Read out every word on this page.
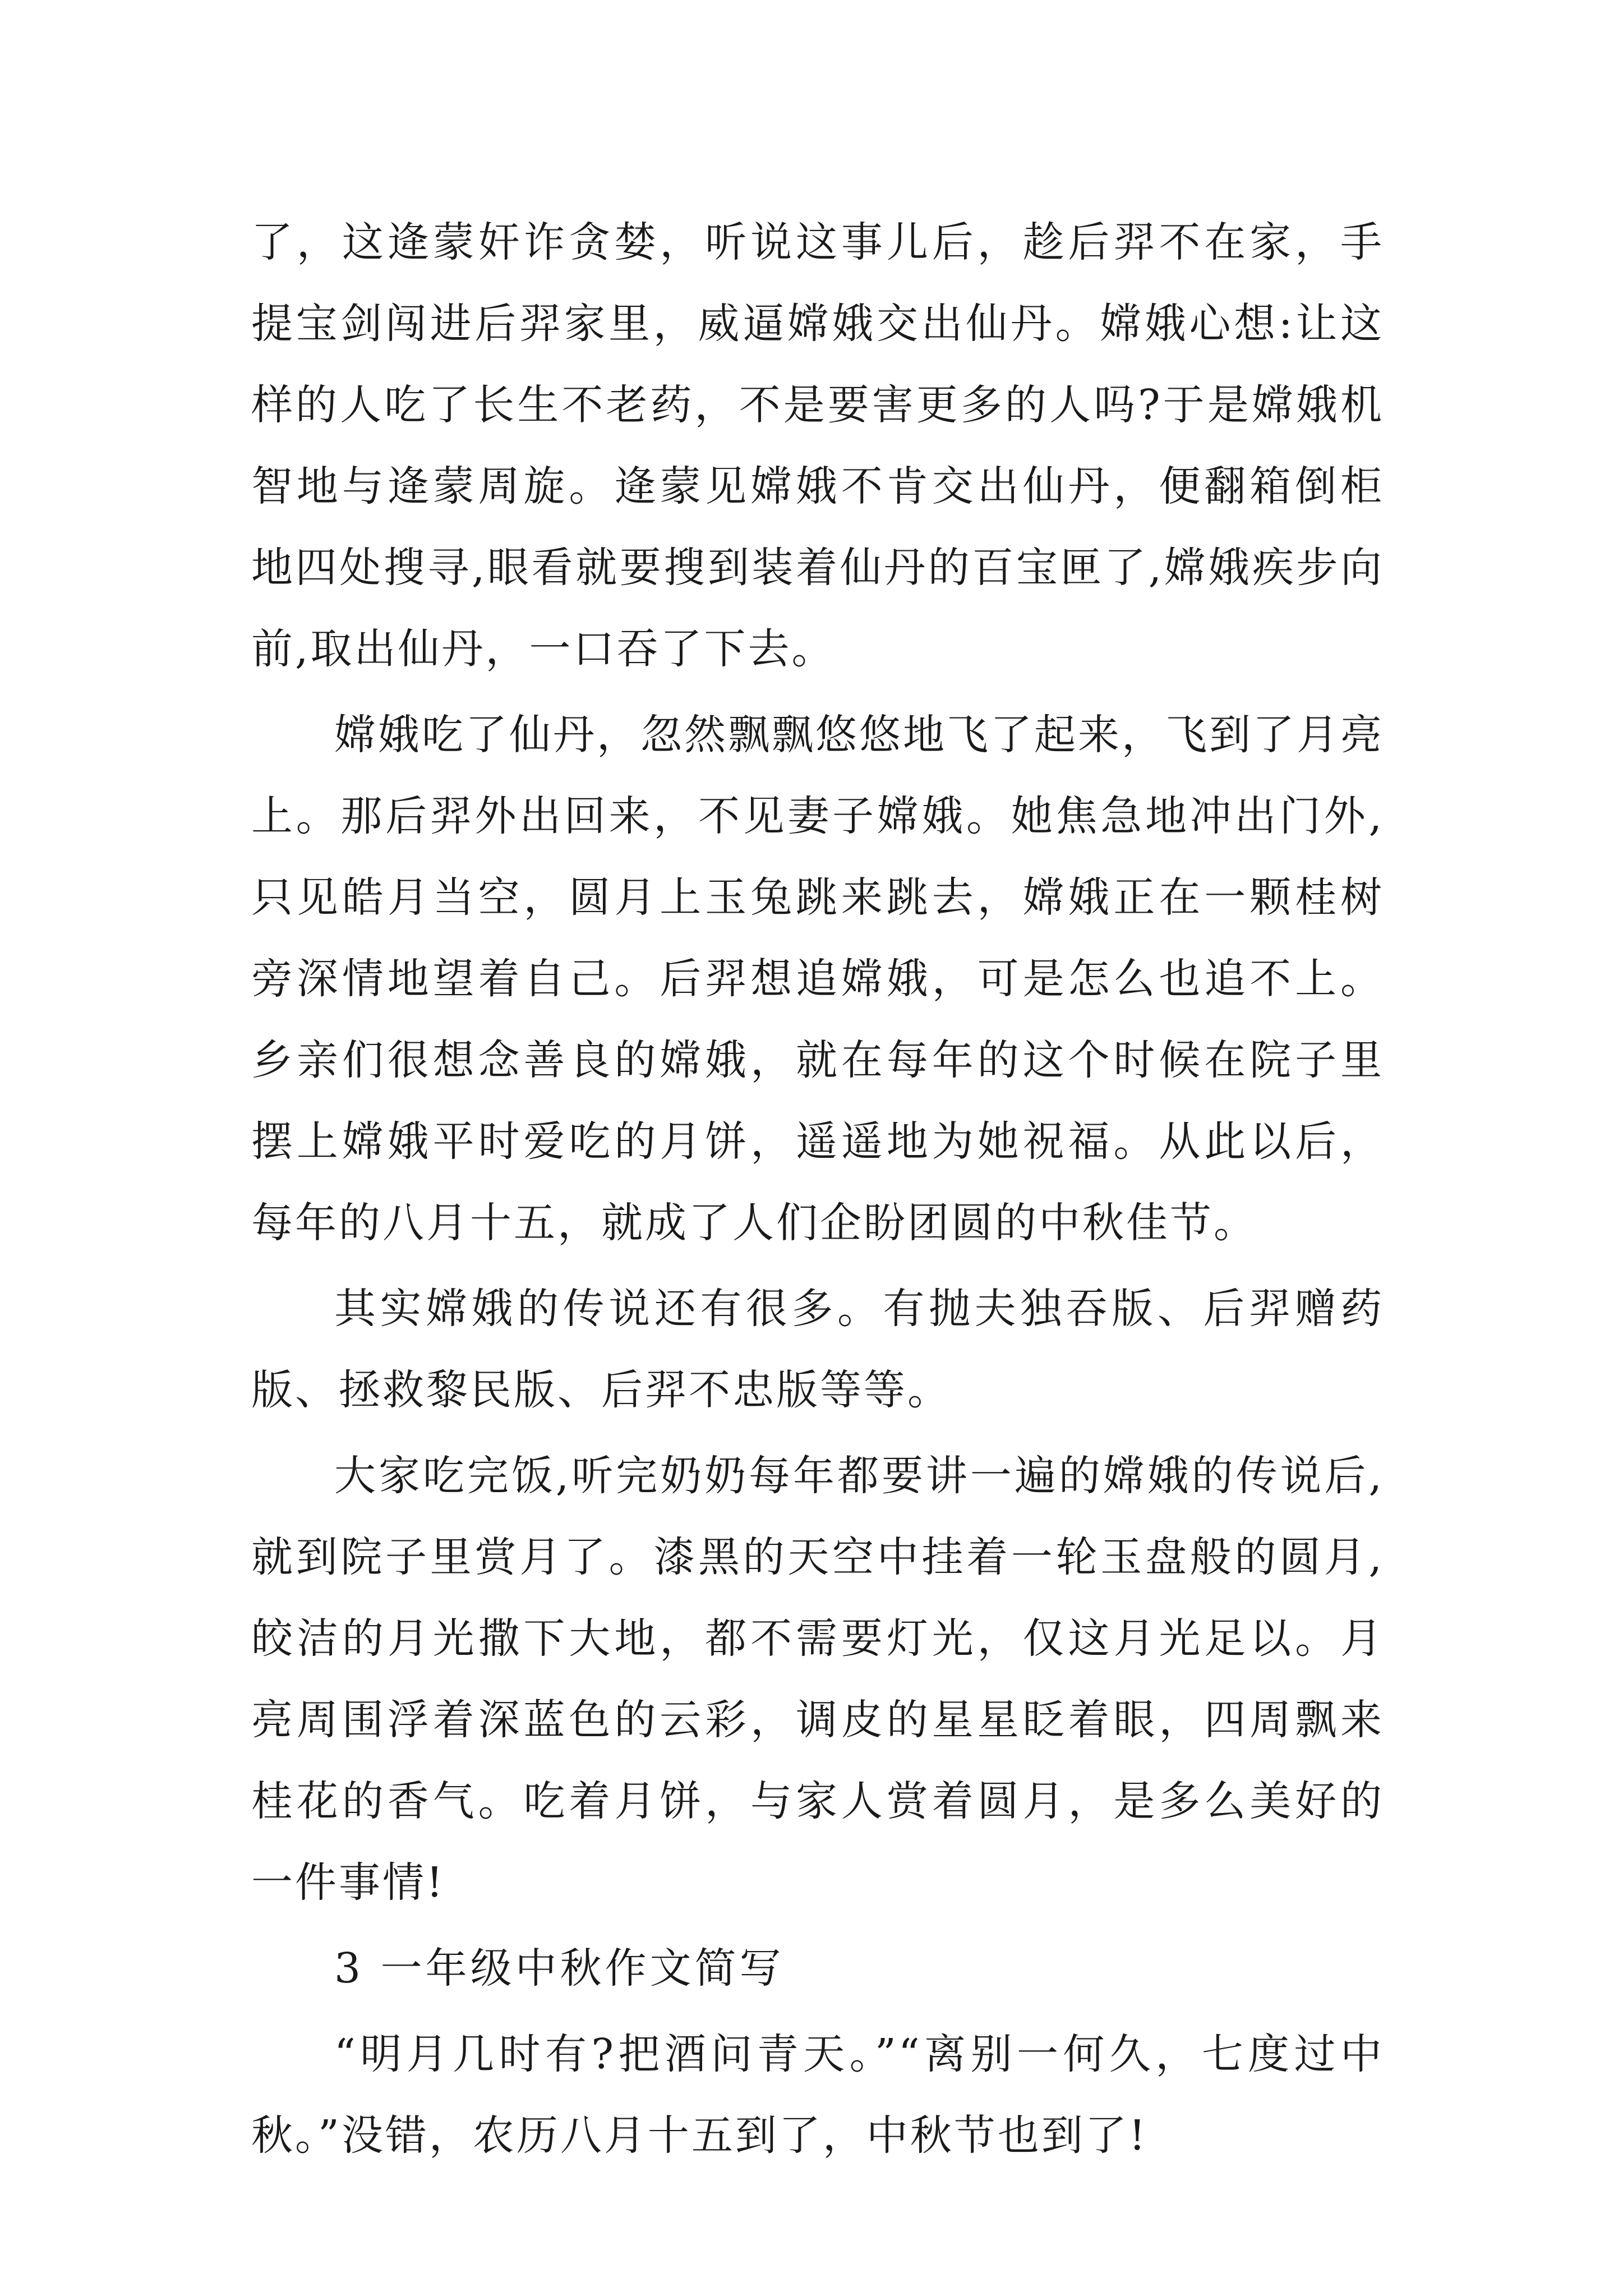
了，这逄蒙奸诈贪婪，听说这事儿后，趁后羿不在家，手提宝剑闯进后羿家里，威逼嫦娥交出仙丹。嫦娥心想:让这样的人吃了长生不老药，不是要害更多的人吗?于是嫦娥机智地与逄蒙周旋。逄蒙见嫦娥不肯交出仙丹，便翻箱倒柜地四处搜寻,眼看就要搜到装着仙丹的百宝匣了,嫦娥疾步向前,取出仙丹，一口吞了下去。

嫦娥吃了仙丹，忽然飘飘悠悠地飞了起来，飞到了月亮上。那后羿外出回来，不见妻子嫦娥。她焦急地冲出门外,只见皓月当空，圆月上玉兔跳来跳去，嫦娥正在一颗桂树旁深情地望着自己。后羿想追嫦娥，可是怎么也追不上。乡亲们很想念善良的嫦娥，就在每年的这个时候在院子里摆上嫦娥平时爱吃的月饼，遥遥地为她祝福。从此以后，每年的八月十五，就成了人们企盼团圆的中秋佳节。

其实嫦娥的传说还有很多。有抛夫独吞版、后羿赠药版、拯救黎民版、后羿不忠版等等。

大家吃完饭,听完奶奶每年都要讲一遍的嫦娥的传说后,就到院子里赏月了。漆黑的天空中挂着一轮玉盘般的圆月,皎洁的月光撒下大地，都不需要灯光，仅这月光足以。月亮周围浮着深蓝色的云彩，调皮的星星眨着眼，四周飘来桂花的香气。吃着月饼，与家人赏着圆月，是多么美好的一件事情!

3 一年级中秋作文简写

“明月几时有?把酒问青天。”“离别一何久，七度过中秋。”没错，农历八月十五到了，中秋节也到了!
